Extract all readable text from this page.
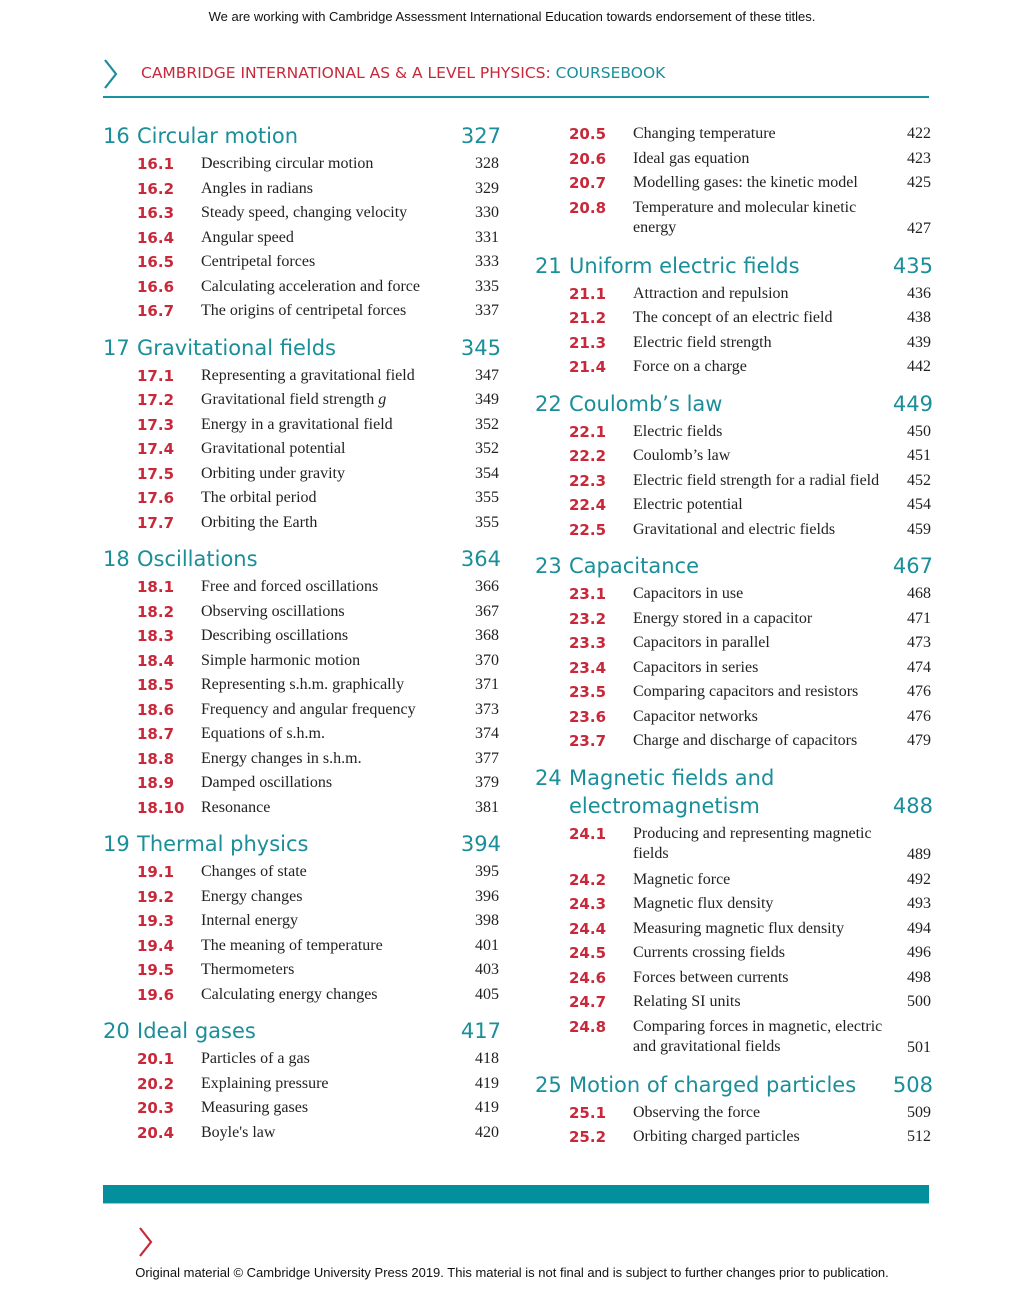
We are working with Cambridge Assessment International Education towards endorsement of these titles.
CAMBRIDGE INTERNATIONAL AS & A LEVEL PHYSICS: COURSEBOOK
16 Circular motion	327
16.1 Describing circular motion	328
16.2 Angles in radians	329
16.3 Steady speed, changing velocity	330
16.4 Angular speed	331
16.5 Centripetal forces	333
16.6 Calculating acceleration and force	335
16.7 The origins of centripetal forces	337
17 Gravitational fields	345
17.1 Representing a gravitational field	347
17.2 Gravitational field strength g	349
17.3 Energy in a gravitational field	352
17.4 Gravitational potential	352
17.5 Orbiting under gravity	354
17.6 The orbital period	355
17.7 Orbiting the Earth	355
18 Oscillations	364
18.1 Free and forced oscillations	366
18.2 Observing oscillations	367
18.3 Describing oscillations	368
18.4 Simple harmonic motion	370
18.5 Representing s.h.m. graphically	371
18.6 Frequency and angular frequency	373
18.7 Equations of s.h.m.	374
18.8 Energy changes in s.h.m.	377
18.9 Damped oscillations	379
18.10 Resonance	381
19 Thermal physics	394
19.1 Changes of state	395
19.2 Energy changes	396
19.3 Internal energy	398
19.4 The meaning of temperature	401
19.5 Thermometers	403
19.6 Calculating energy changes	405
20 Ideal gases	417
20.1 Particles of a gas	418
20.2 Explaining pressure	419
20.3 Measuring gases	419
20.4 Boyle's law	420
20.5 Changing temperature	422
20.6 Ideal gas equation	423
20.7 Modelling gases: the kinetic model	425
20.8 Temperature and molecular kinetic energy	427
21 Uniform electric fields	435
21.1 Attraction and repulsion	436
21.2 The concept of an electric field	438
21.3 Electric field strength	439
21.4 Force on a charge	442
22 Coulomb’s law	449
22.1 Electric fields	450
22.2 Coulomb’s law	451
22.3 Electric field strength for a radial field	452
22.4 Electric potential	454
22.5 Gravitational and electric fields	459
23 Capacitance	467
23.1 Capacitors in use	468
23.2 Energy stored in a capacitor	471
23.3 Capacitors in parallel	473
23.4 Capacitors in series	474
23.5 Comparing capacitors and resistors	476
23.6 Capacitor networks	476
23.7 Charge and discharge of capacitors	479
24 Magnetic fields and electromagnetism	488
24.1 Producing and representing magnetic fields	489
24.2 Magnetic force	492
24.3 Magnetic flux density	493
24.4 Measuring magnetic flux density	494
24.5 Currents crossing fields	496
24.6 Forces between currents	498
24.7 Relating SI units	500
24.8 Comparing forces in magnetic, electric and gravitational fields	501
25 Motion of charged particles 508
25.1 Observing the force	509
25.2 Orbiting charged particles	512
Original material © Cambridge University Press 2019. This material is not final and is subject to further changes prior to publication.
